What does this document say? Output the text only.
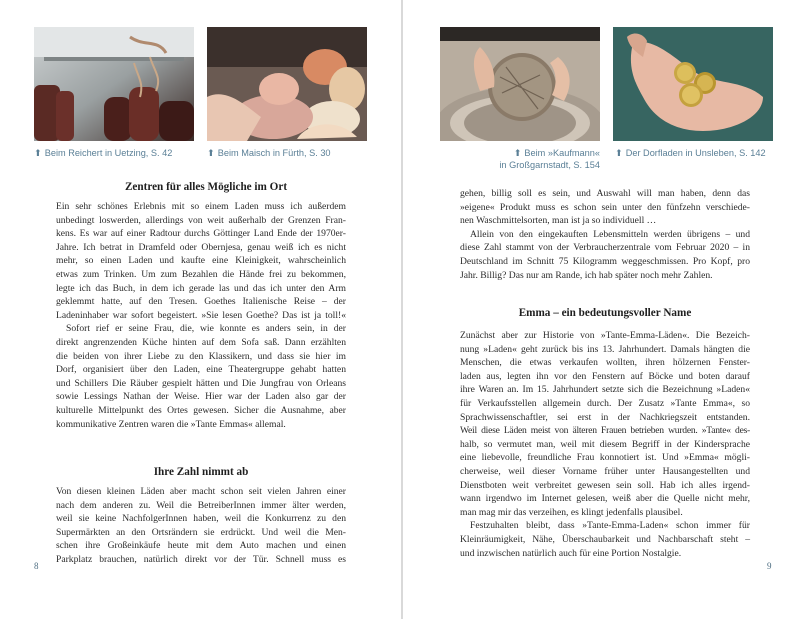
⬆ Beim Reichert in Uetzing, S. 42	⬆ Beim Maisch in Fürth, S. 30
Zentren für alles Mögliche im Ort
Ein sehr schönes Erlebnis mit so einem Laden muss ich außerdem
unbedingt loswerden, allerdings von weit außerhalb der Grenzen Fran-
kens. Es war auf einer Radtour durchs Göttinger Land Ende der 1970er-
Jahre. Ich betrat in Dramfeld oder Obernjesa, genau weiß ich es nicht
mehr, so einen Laden und kaufte eine Kleinigkeit, wahrscheinlich
etwas zum Trinken. Um zum Bezahlen die Hände frei zu bekommen,
legte ich das Buch, in dem ich gerade las und das ich unter den Arm
geklemmt hatte, auf den Tresen. Goethes Italienische Reise – der
Ladeninhaber war sofort begeistert. »Sie lesen Goethe? Das ist ja toll!«
Sofort rief er seine Frau, die, wie konnte es anders sein, in der
direkt angrenzenden Küche hinten auf dem Sofa saß. Dann erzählten
die beiden von ihrer Liebe zu den Klassikern, und dass sie hier im
Dorf, organisiert über den Laden, eine Theatergruppe gehabt hatten
und Schillers Die Räuber gespielt hätten und Die Jungfrau von Orleans
sowie Lessings Nathan der Weise. Hier war der Laden also gar der
kulturelle Mittelpunkt des Ortes gewesen. Sicher die Ausnahme, aber
kommunikative Zentren waren die »Tante Emmas« allemal.
Ihre Zahl nimmt ab
Von diesen kleinen Läden aber macht schon seit vielen Jahren einer
nach dem anderen zu. Weil die BetreiberInnen immer älter werden,
weil sie keine NachfolgerInnen haben, weil die Konkurrenz zu den
Supermärkten an den Ortsrändern sie erdrückt. Und weil die Men-
schen ihre Großeinkäufe heute mit dem Auto machen und einen
Parkplatz brauchen, natürlich direkt vor der Tür. Schnell muss es
8
⬆ Beim »Kaufmann«
in Großgarnstadt, S. 154
⬆ Der Dorfladen in Unsleben, S. 142
gehen, billig soll es sein, und Auswahl will man haben, denn das
»eigene« Produkt muss es schon sein unter den fünfzehn verschiede-
nen Waschmittelsorten, man ist ja so individuell …
Allein von den eingekauften Lebensmitteln werden übrigens – und
diese Zahl stammt von der Verbraucherzentrale vom Februar 2020 – in
Deutschland im Schnitt 75 Kilogramm weggeschmissen. Pro Kopf, pro
Jahr. Billig? Das nur am Rande, ich hab später noch mehr Zahlen.
Emma – ein bedeutungsvoller Name
Zunächst aber zur Historie von »Tante-Emma-Läden«. Die Bezeich-
nung »Laden« geht zurück bis ins 13. Jahrhundert. Damals hängten die
Menschen, die etwas verkaufen wollten, ihren hölzernen Fenster-
laden aus, legten ihn vor den Fenstern auf Böcke und boten darauf
ihre Waren an. Im 15. Jahrhundert setzte sich die Bezeichnung »Laden«
für Verkaufsstellen allgemein durch. Der Zusatz »Tante Emma«, so
Sprachwissenschaftler, sei erst in der Nachkriegszeit entstanden.
Weil diese Läden meist von älteren Frauen betrieben wurden. »Tante« des-
halb, so vermutet man, weil mit diesem Begriff in der Kindersprache
eine liebevolle, freundliche Frau konnotiert ist. Und »Emma« mögli-
cherweise, weil dieser Vorname früher unter Hausangestellten und
Dienstboten weit verbreitet gewesen sein soll. Hab ich alles irgend-
wann irgendwo im Internet gelesen, weiß aber die Quelle nicht mehr,
man mag mir das verzeihen, es klingt jedenfalls plausibel.
Festzuhalten bleibt, dass »Tante-Emma-Laden« schon immer für
Kleinräumigkeit, Nähe, Überschaubarkeit und Nachbarschaft steht –
und inzwischen natürlich auch für eine Portion Nostalgie.
9
